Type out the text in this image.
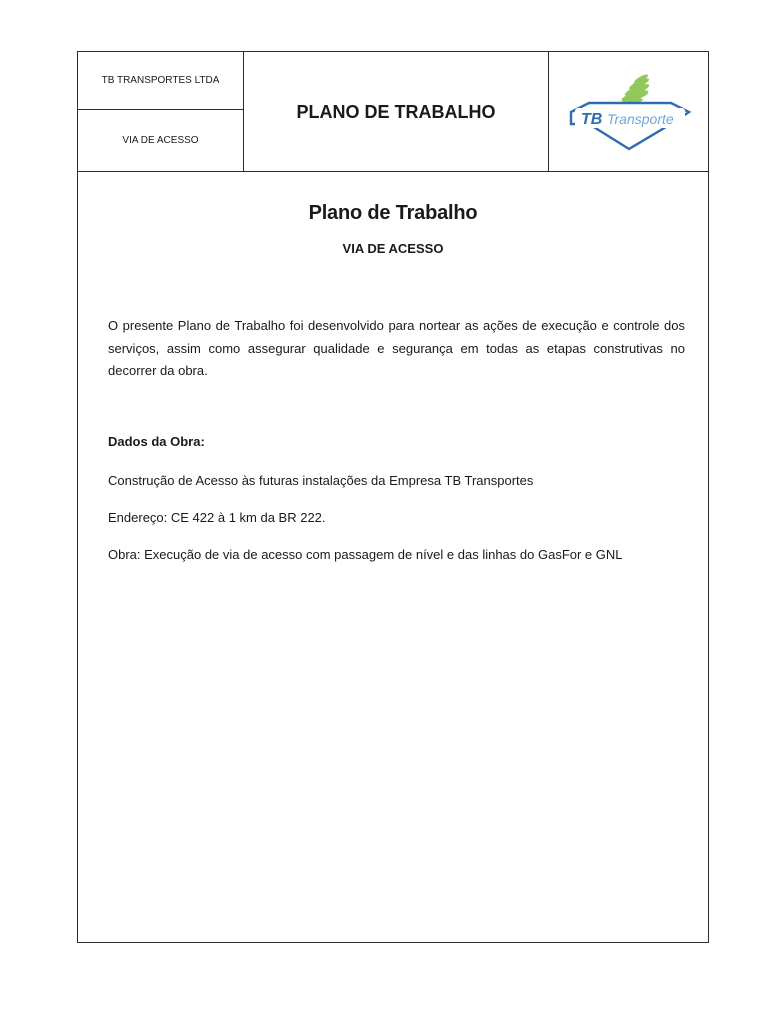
TB TRANSPORTES LTDA
VIA DE ACESSO
PLANO DE TRABALHO	TB Transporte
Plano de Trabalho
VIA DE ACESSO

O presente Plano de Trabalho foi desenvolvido para nortear as ações de execução e controle dos serviços, assim como assegurar qualidade e segurança em todas as etapas construtivas no decorrer da obra.

Dados da Obra:

Construção de Acesso às futuras instalações da Empresa TB Transportes

Endereço: CE 422 à 1 km da BR 222.

Obra: Execução de via de acesso com passagem de nível e das linhas do GasFor e GNL
